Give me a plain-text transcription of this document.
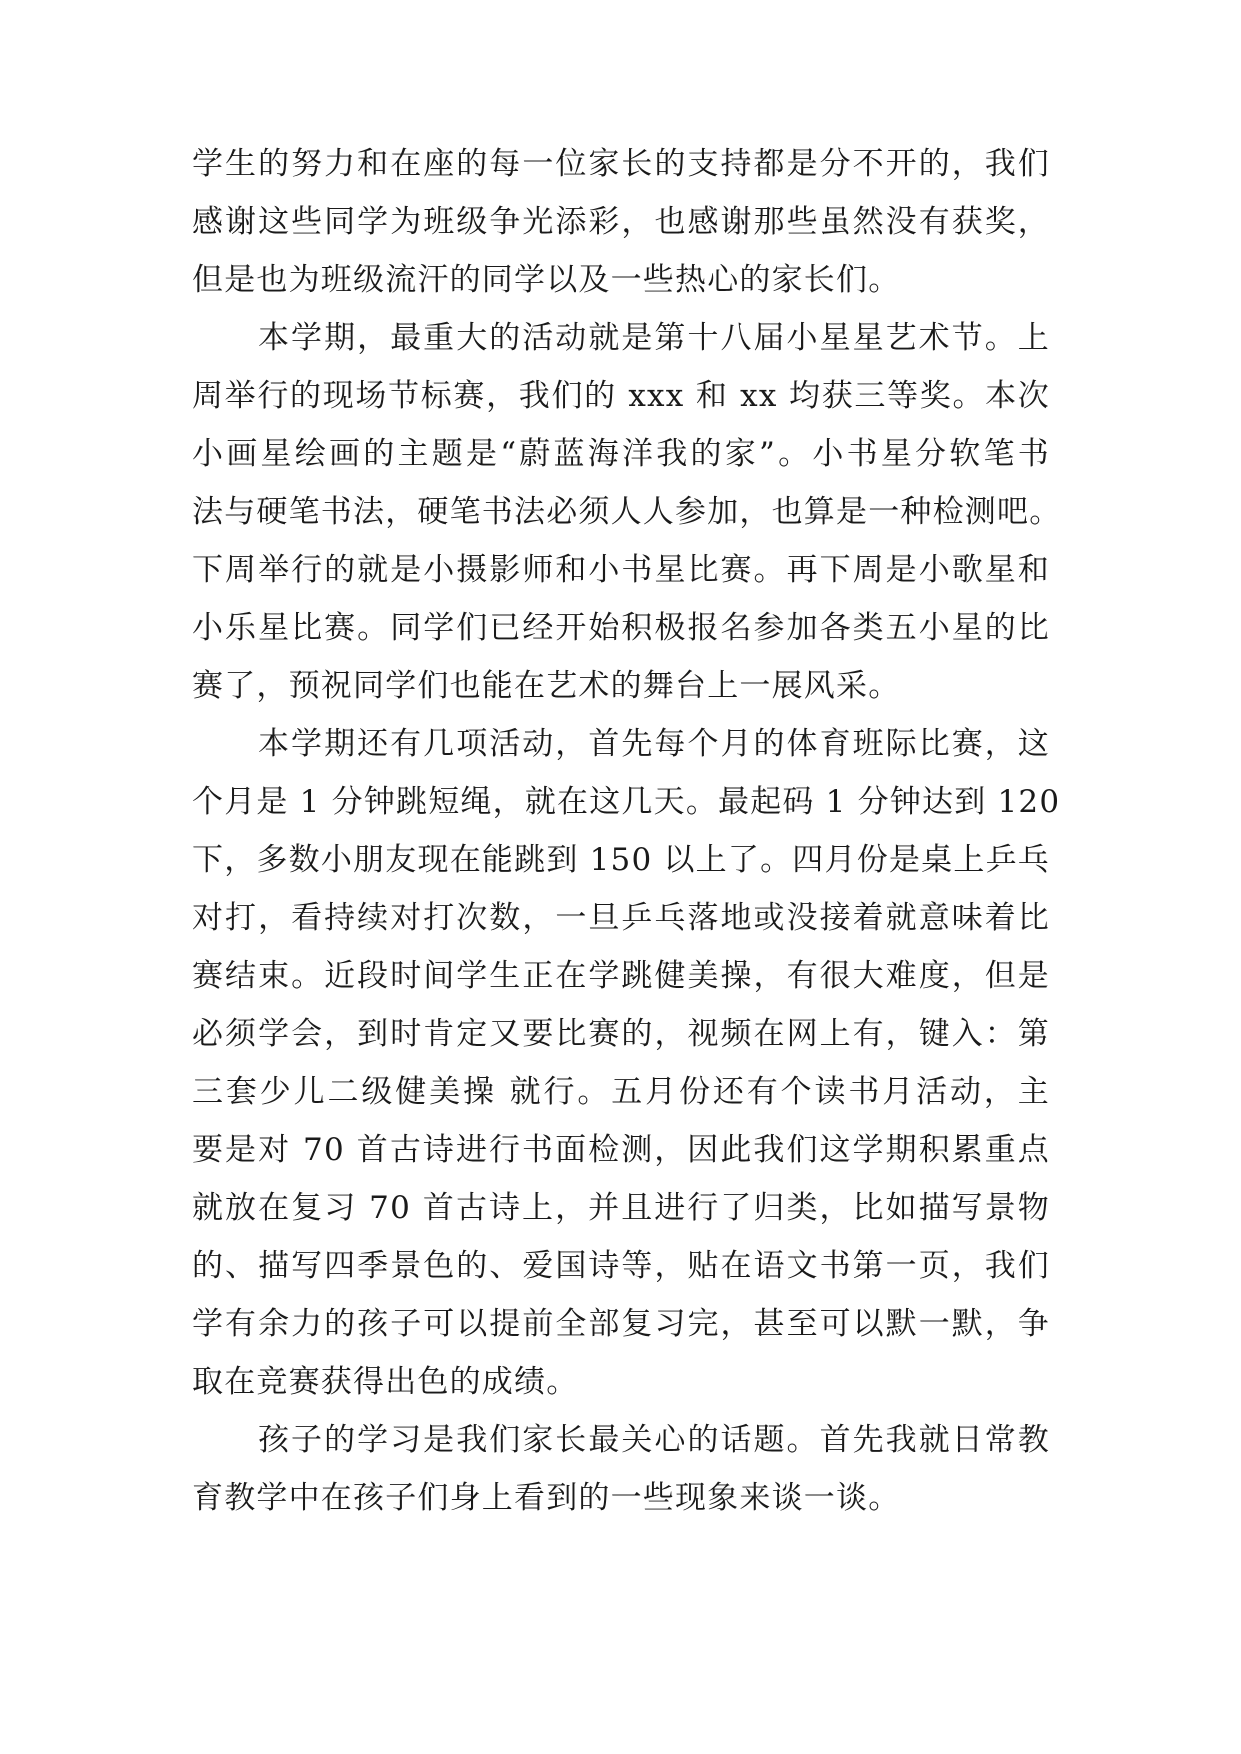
学生的努力和在座的每一位家长的支持都是分不开的，我们
感谢这些同学为班级争光添彩，也感谢那些虽然没有获奖，
但是也为班级流汗的同学以及一些热心的家长们。
本学期，最重大的活动就是第十八届小星星艺术节。上
周举行的现场节标赛，我们的 xxx 和 xx 均获三等奖。本次
小画星绘画的主题是“蔚蓝海洋我的家”。小书星分软笔书
法与硬笔书法，硬笔书法必须人人参加，也算是一种检测吧。
下周举行的就是小摄影师和小书星比赛。再下周是小歌星和
小乐星比赛。同学们已经开始积极报名参加各类五小星的比
赛了，预祝同学们也能在艺术的舞台上一展风采。
本学期还有几项活动，首先每个月的体育班际比赛，这
个月是 1 分钟跳短绳，就在这几天。最起码 1 分钟达到 120
下，多数小朋友现在能跳到 150 以上了。四月份是桌上乒乓
对打，看持续对打次数，一旦乒乓落地或没接着就意味着比
赛结束。近段时间学生正在学跳健美操，有很大难度，但是
必须学会，到时肯定又要比赛的，视频在网上有，键入：第
三套少儿二级健美操 就行。五月份还有个读书月活动，主
要是对 70 首古诗进行书面检测，因此我们这学期积累重点
就放在复习 70 首古诗上，并且进行了归类，比如描写景物
的、描写四季景色的、爱国诗等，贴在语文书第一页，我们
学有余力的孩子可以提前全部复习完，甚至可以默一默，争
取在竞赛获得出色的成绩。
孩子的学习是我们家长最关心的话题。首先我就日常教
育教学中在孩子们身上看到的一些现象来谈一谈。
